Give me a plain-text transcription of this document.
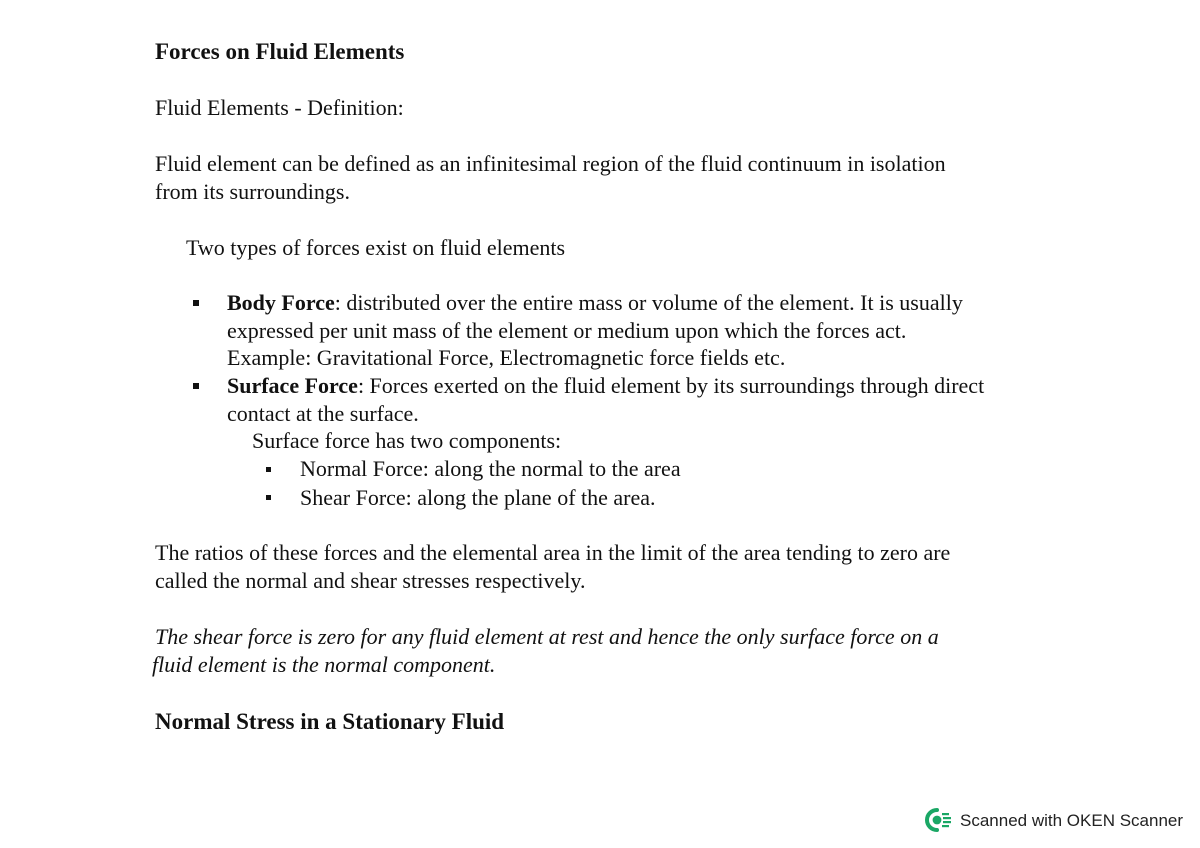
Forces on Fluid Elements
Fluid Elements - Definition:
Fluid element can be defined as an infinitesimal region of the fluid continuum in isolation
from its surroundings.
Two types of forces exist on fluid elements
Body Force: distributed over the entire mass or volume of the element. It is usually
expressed per unit mass of the element or medium upon which the forces act.
Example: Gravitational Force, Electromagnetic force fields etc.
Surface Force: Forces exerted on the fluid element by its surroundings through direct
contact at the surface.
Surface force has two components:
Normal Force: along the normal to the area
Shear Force: along the plane of the area.
The ratios of these forces and the elemental area in the limit of the area tending to zero are
called the normal and shear stresses respectively.
The shear force is zero for any fluid element at rest and hence the only surface force on a
fluid element is the normal component.
Normal Stress in a Stationary Fluid
Scanned with OKEN Scanner
